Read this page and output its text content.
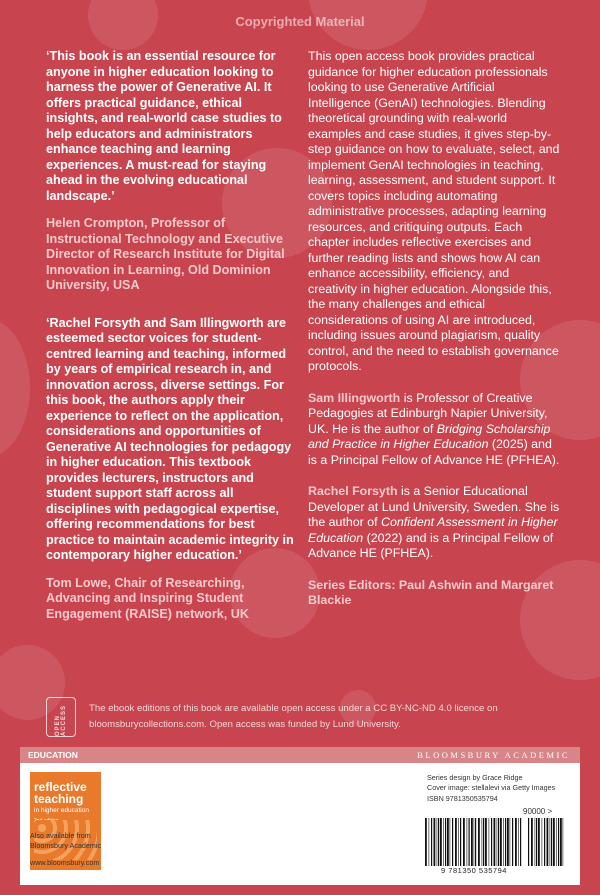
Copyrighted Material

‘This book is an essential resource for anyone in higher education looking to harness the power of Generative AI. It offers practical guidance, ethical insights, and real-world case studies to help educators and administrators enhance teaching and learning experiences. A must-read for staying ahead in the evolving educational landscape.’

Helen Crompton, Professor of Instructional Technology and Executive Director of Research Institute for Digital Innovation in Learning, Old Dominion University, USA

‘Rachel Forsyth and Sam Illingworth are esteemed sector voices for student-centred learning and teaching, informed by years of empirical research in, and innovation across, diverse settings. For this book, the authors apply their experience to reflect on the application, considerations and opportunities of Generative AI technologies for pedagogy in higher education. This textbook provides lecturers, instructors and student support staff across all disciplines with pedagogical expertise, offering recommendations for best practice to maintain academic integrity in contemporary higher education.’

Tom Lowe, Chair of Researching, Advancing and Inspiring Student Engagement (RAISE) network, UK

This open access book provides practical guidance for higher education professionals looking to use Generative Artificial Intelligence (GenAI) technologies. Blending theoretical grounding with real-world examples and case studies, it gives step-by-step guidance on how to evaluate, select, and implement GenAI technologies in teaching, learning, assessment, and student support. It covers topics including automating administrative processes, adapting learning resources, and critiquing outputs. Each chapter includes reflective exercises and further reading lists and shows how AI can enhance accessibility, efficiency, and creativity in higher education. Alongside this, the many challenges and ethical considerations of using AI are introduced, including issues around plagiarism, quality control, and the need to establish governance protocols.

Sam Illingworth is Professor of Creative Pedagogies at Edinburgh Napier University, UK. He is the author of Bridging Scholarship and Practice in Higher Education (2025) and is a Principal Fellow of Advance HE (PFHEA).

Rachel Forsyth is a Senior Educational Developer at Lund University, Sweden. She is the author of Confident Assessment in Higher Education (2022) and is a Principal Fellow of Advance HE (PFHEA).

Series Editors: Paul Ashwin and Margaret Blackie

OPEN ACCESS	The ebook editions of this book are available open access under a CC BY-NC-ND 4.0 licence on bloomsburycollections.com. Open access was funded by Lund University.
EDUCATION	BLOOMSBURY ACADEMIC
reflective teaching
in higher education
Also available from
Bloomsbury Academic
www.bloomsbury.com
Series design by Grace Ridge
Cover image: stellalevi via Getty Images
ISBN 9781350535794
90000 >
9 781350 535794
